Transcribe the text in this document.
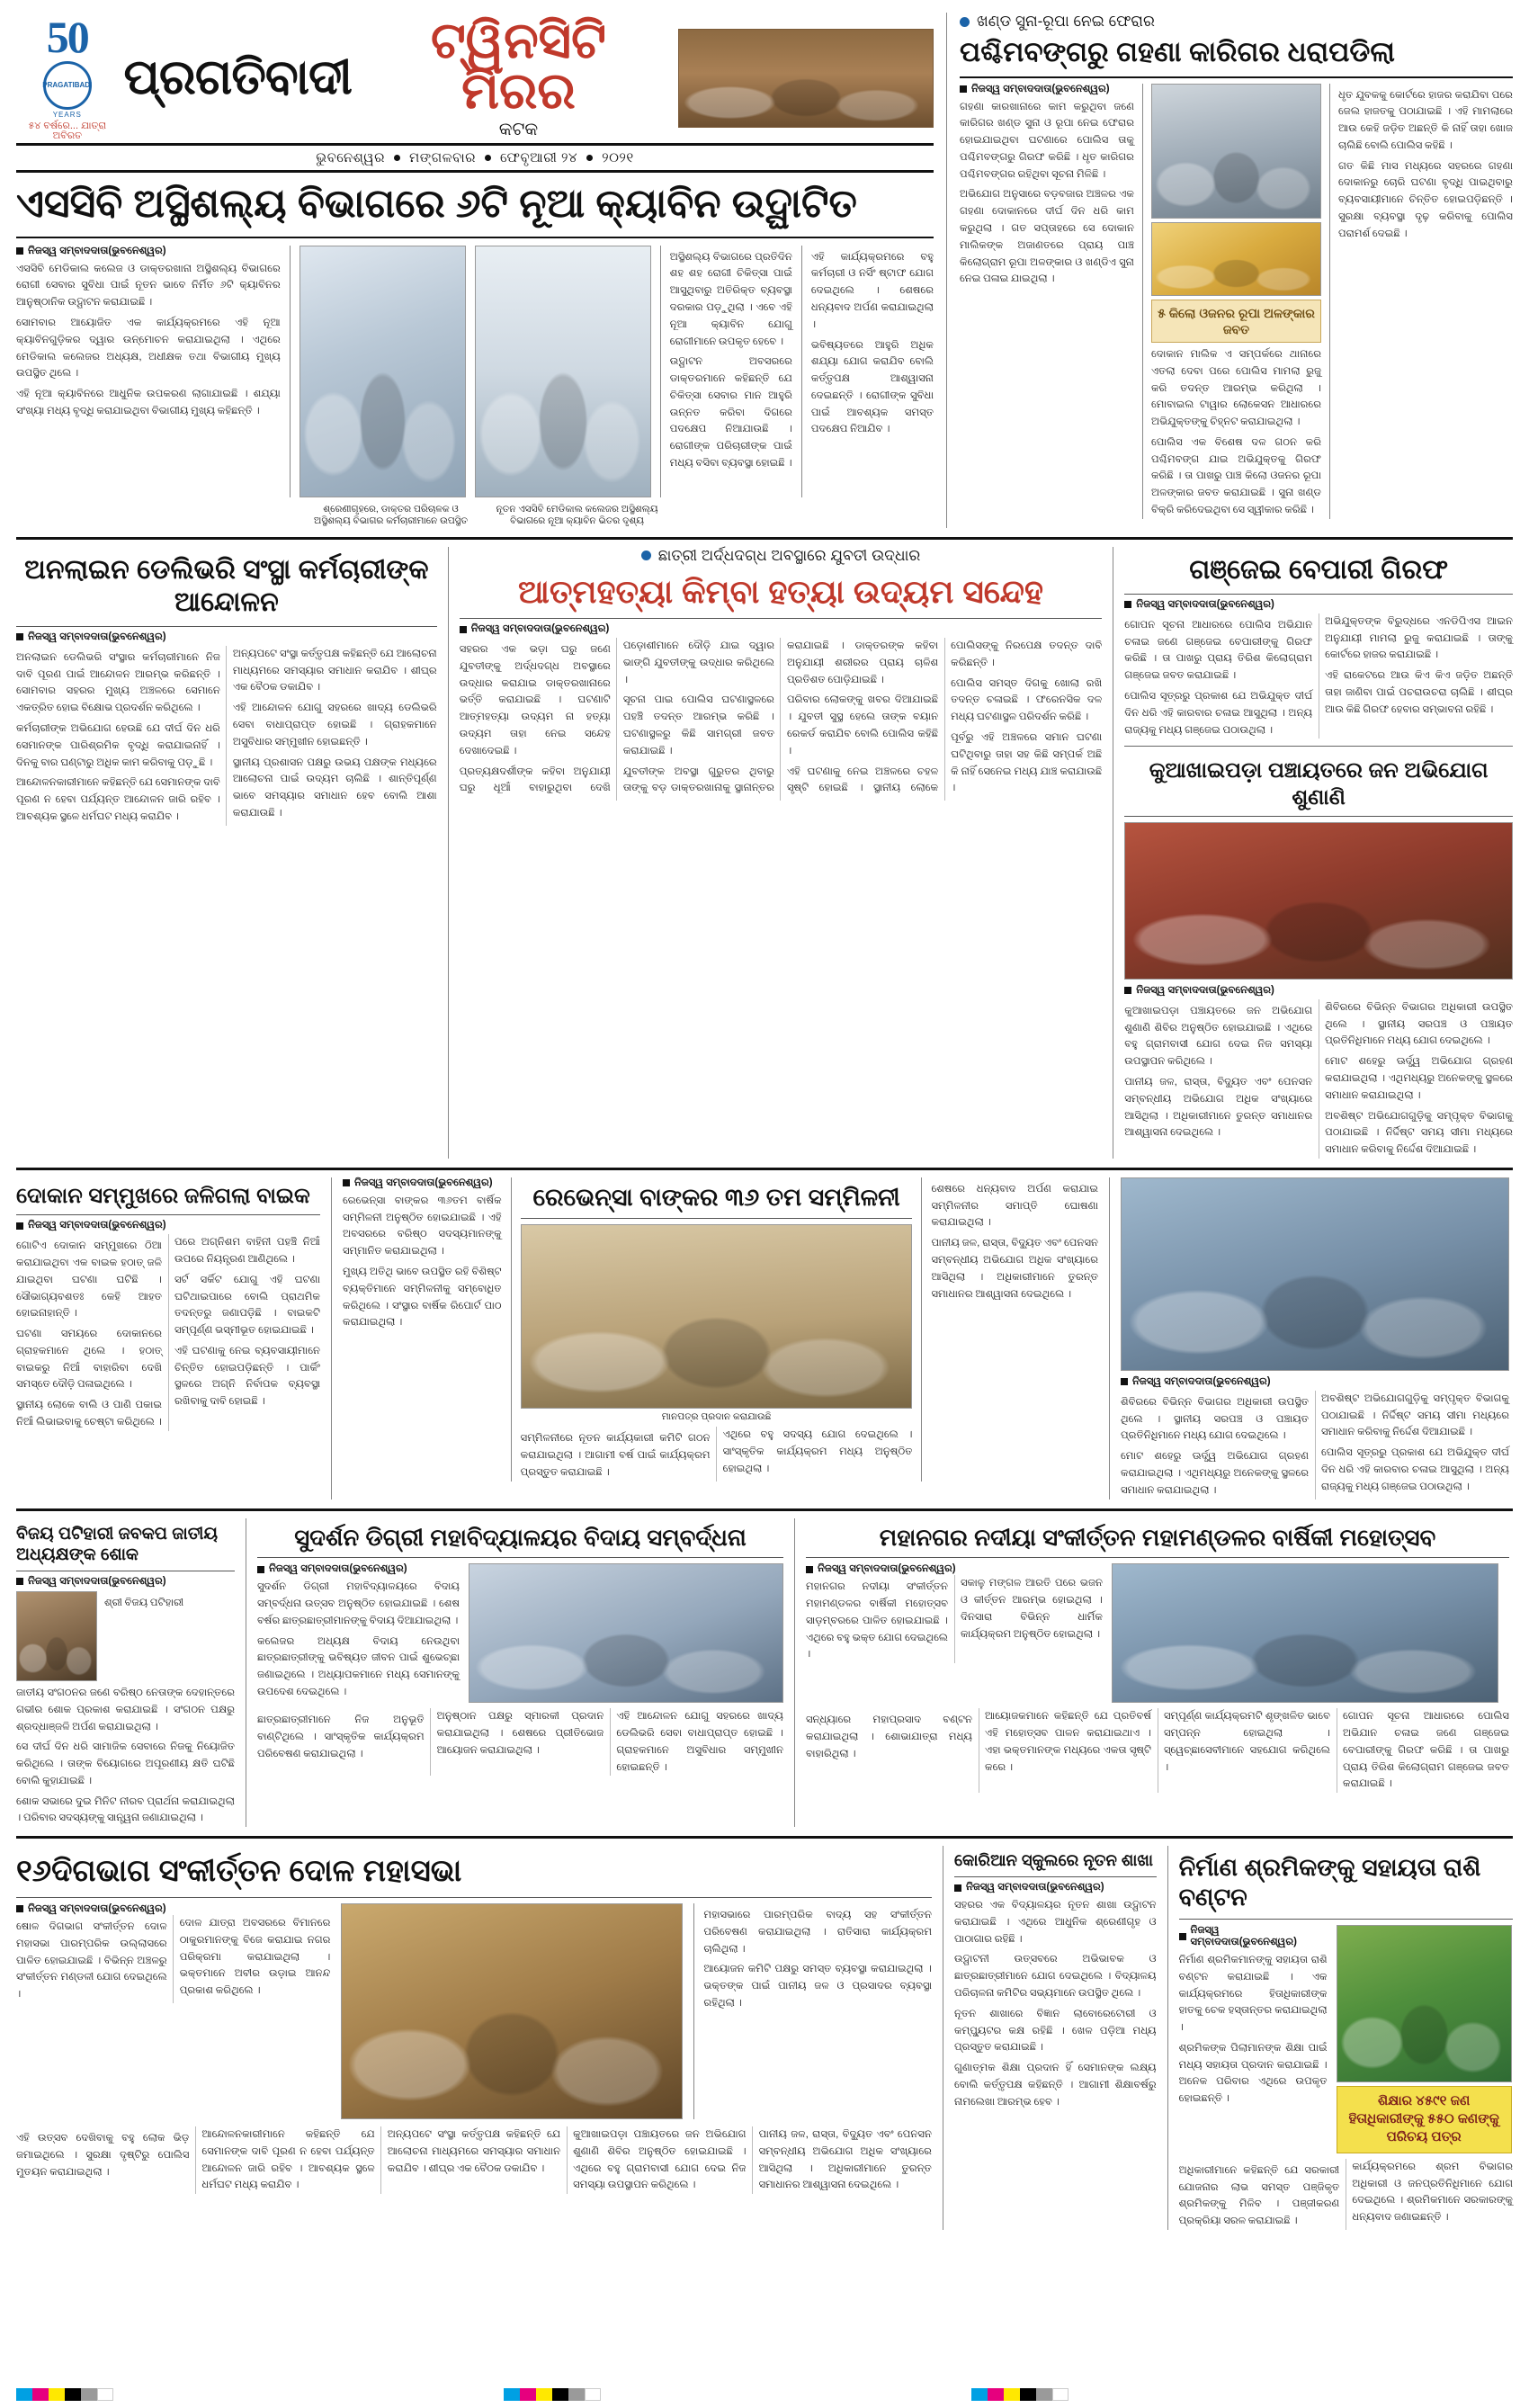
50
PRAGATIBADI
YEARS
୫୪ ବର୍ଷରେ... ଯାତ୍ରା ଅବିରତ
ପ୍ରଗତିବାଦୀ
ଟ୍ୱିନସିଟି ମିରର
କଟକ
ଭୁବନେଶ୍ୱର ମଙ୍ଗଳବାର ଫେବୃଆରୀ ୨୪ ୨୦୨୧
ଏସସିବି ଅସ୍ଥିଶଲ୍ୟ ବିଭାଗରେ ୬ଟି ନୂଆ କ୍ୟାବିନ ଉଦ୍ଘାଟିତ
ନିଜସ୍ୱ ସମ୍ବାଦଦାତା(ଭୁବନେଶ୍ୱର)

ଏସସିବି ମେଡିକାଲ କଲେଜ ଓ ଡାକ୍ତରଖାନା ଅସ୍ଥିଶଲ୍ୟ ବିଭାଗରେ ରୋଗୀ ସେବାର ସୁବିଧା ପାଇଁ ନୂତନ ଭାବେ ନିର୍ମିତ ୬ଟି କ୍ୟାବିନର ଆନୁଷ୍ଠାନିକ ଉଦ୍ଘାଟନ କରାଯାଇଛି ।

ସୋମବାର ଆୟୋଜିତ ଏକ କାର୍ଯ୍ୟକ୍ରମରେ ଏହି ନୂଆ କ୍ୟାବିନଗୁଡ଼ିକର ଦ୍ୱାର ଉନ୍ମୋଚନ କରାଯାଇଥିଲା । ଏଥିରେ ମେଡିକାଲ କଲେଜର ଅଧ୍ୟକ୍ଷ, ଅଧୀକ୍ଷକ ତଥା ବିଭାଗୀୟ ମୁଖ୍ୟ ଉପସ୍ଥିତ ଥିଲେ ।

ଏହି ନୂଆ କ୍ୟାବିନରେ ଆଧୁନିକ ଉପକରଣ ଲାଗାଯାଇଛି । ଶଯ୍ୟା ସଂଖ୍ୟା ମଧ୍ୟ ବୃଦ୍ଧି କରାଯାଇଥିବା ବିଭାଗୀୟ ମୁଖ୍ୟ କହିଛନ୍ତି ।

ଅସ୍ଥିଶଲ୍ୟ ବିଭାଗରେ ପ୍ରତିଦିନ ଶହ ଶହ ରୋଗୀ ଚିକିତ୍ସା ପାଇଁ ଆସୁଥିବାରୁ ଅତିରିକ୍ତ ବ୍ୟବସ୍ଥା ଦରକାର ପଡ଼ୁଥିଲା । ଏବେ ଏହି ନୂଆ କ୍ୟାବିନ ଯୋଗୁ ରୋଗୀମାନେ ଉପକୃତ ହେବେ ।

ଉଦ୍ଘାଟନ ଅବସରରେ ଡାକ୍ତରମାନେ କହିଛନ୍ତି ଯେ ଚିକିତ୍ସା ସେବାର ମାନ ଆହୁରି ଉନ୍ନତ କରିବା ଦିଗରେ ପଦକ୍ଷେପ ନିଆଯାଉଛି । ରୋଗୀଙ୍କ ପରିଚାରୀଙ୍କ ପାଇଁ ମଧ୍ୟ ବସିବା ବ୍ୟବସ୍ଥା ହୋଇଛି ।

ଏହି କାର୍ଯ୍ୟକ୍ରମରେ ବହୁ କର୍ମଚାରୀ ଓ ନର୍ସିଂ ଷ୍ଟାଫ ଯୋଗ ଦେଇଥିଲେ । ଶେଷରେ ଧନ୍ୟବାଦ ଅର୍ପଣ କରାଯାଇଥିଲା ।

ଭବିଷ୍ୟତରେ ଆହୁରି ଅଧିକ ଶଯ୍ୟା ଯୋଗ କରାଯିବ ବୋଲି କର୍ତ୍ତୃପକ୍ଷ ଆଶ୍ୱାସନା ଦେଇଛନ୍ତି । ରୋଗୀଙ୍କ ସୁବିଧା ପାଇଁ ଆବଶ୍ୟକ ସମସ୍ତ ପଦକ୍ଷେପ ନିଆଯିବ ।

ଶ୍ରେଣୀଗୃହରେ, ଡାକ୍ତର ପରିଚାଳକ ଓ ଅସ୍ଥିଶଲ୍ୟ ବିଭାଗର କର୍ମଚାରୀମାନେ ଉପସ୍ଥିତ
ନୂତନ ଏସସିବି ମେଡିକାଲ କଲେଜର ଅସ୍ଥିଶଲ୍ୟ ବିଭାଗରେ ନୂଆ କ୍ୟାବିନ ଭିତର ଦୃଶ୍ୟ
ଖଣ୍ଡ ସୁନା-ରୂପା ନେଇ ଫେରାର
ପଶ୍ଚିମବଙ୍ଗରୁ ଗହଣା କାରିଗର ଧରାପଡିଲା
ନିଜସ୍ୱ ସମ୍ବାଦଦାତା(ଭୁବନେଶ୍ୱର)

ଗହଣା କାରଖାନାରେ କାମ କରୁଥିବା ଜଣେ କାରିଗର ଖଣ୍ଡ ସୁନା ଓ ରୂପା ନେଇ ଫେରାର ହୋଇଯାଇଥିବା ଘଟଣାରେ ପୋଲିସ ତାକୁ ପଶ୍ଚିମବଙ୍ଗରୁ ଗିରଫ କରିଛି । ଧୃତ କାରିଗର ପଶ୍ଚିମବଙ୍ଗର ରହିଥିବା ସୂଚନା ମିଳିଛି ।

ଅଭିଯୋଗ ଅନୁସାରେ ବଡ଼ବଜାର ଅଞ୍ଚଳର ଏକ ଗହଣା ଦୋକାନରେ ଦୀର୍ଘ ଦିନ ଧରି କାମ କରୁଥିଲା । ଗତ ସପ୍ତାହରେ ସେ ଦୋକାନ ମାଲିକଙ୍କ ଅଜାଣତରେ ପ୍ରାୟ ପାଞ୍ଚ କିଲୋଗ୍ରାମ ରୂପା ଅଳଙ୍କାର ଓ ଖଣ୍ଡିଏ ସୁନା ନେଇ ପଳାଇ ଯାଇଥିଲା ।

୫ କିଲୋ ଓଜନର ରୂପା ଅଳଙ୍କାର ଜବତ

ଦୋକାନ ମାଲିକ ଏ ସମ୍ପର୍କରେ ଥାନାରେ ଏତଲା ଦେବା ପରେ ପୋଲିସ ମାମଲା ରୁଜୁ କରି ତଦନ୍ତ ଆରମ୍ଭ କରିଥିଲା । ମୋବାଇଲ ଟାୱାର ଲୋକେସନ ଆଧାରରେ ଅଭିଯୁକ୍ତଙ୍କୁ ଚିହ୍ନଟ କରାଯାଇଥିଲା ।

ପୋଲିସ ଏକ ବିଶେଷ ଦଳ ଗଠନ କରି ପଶ୍ଚିମବଙ୍ଗ ଯାଇ ଅଭିଯୁକ୍ତକୁ ଗିରଫ କରିଛି । ତା ପାଖରୁ ପାଞ୍ଚ କିଲୋ ଓଜନର ରୂପା ଅଳଙ୍କାର ଜବତ କରାଯାଇଛି । ସୁନା ଖଣ୍ଡ ବିକ୍ରି କରିଦେଇଥିବା ସେ ସ୍ୱୀକାର କରିଛି ।

ଧୃତ ଯୁବକକୁ କୋର୍ଟରେ ହାଜର କରାଯିବା ପରେ ଜେଲ ହାଜତକୁ ପଠାଯାଇଛି । ଏହି ମାମଲାରେ ଆଉ କେହି ଜଡ଼ିତ ଅଛନ୍ତି କି ନାହିଁ ତାହା ଖୋଜ ଚାଲିଛି ବୋଲି ପୋଲିସ କହିଛି ।

ଗତ କିଛି ମାସ ମଧ୍ୟରେ ସହରରେ ଗହଣା ଦୋକାନରୁ ଚୋରି ଘଟଣା ବୃଦ୍ଧି ପାଇଥିବାରୁ ବ୍ୟବସାୟୀମାନେ ଚିନ୍ତିତ ହୋଇପଡ଼ିଛନ୍ତି । ସୁରକ୍ଷା ବ୍ୟବସ୍ଥା ଦୃଢ଼ କରିବାକୁ ପୋଲିସ ପରାମର୍ଶ ଦେଇଛି ।

ଅନଲାଇନ ଡେଲିଭରି ସଂସ୍ଥା କର୍ମଚାରୀଙ୍କ ଆନ୍ଦୋଳନ
ନିଜସ୍ୱ ସମ୍ବାଦଦାତା(ଭୁବନେଶ୍ୱର)

ଅନଲାଇନ ଡେଲିଭରି ସଂସ୍ଥାର କର୍ମଚାରୀମାନେ ନିଜ ଦାବି ପୂରଣ ପାଇଁ ଆନ୍ଦୋଳନ ଆରମ୍ଭ କରିଛନ୍ତି । ସୋମବାର ସହରର ମୁଖ୍ୟ ଅଞ୍ଚଳରେ ସେମାନେ ଏକତ୍ରିତ ହୋଇ ବିକ୍ଷୋଭ ପ୍ରଦର୍ଶନ କରିଥିଲେ ।

କର୍ମଚାରୀଙ୍କ ଅଭିଯୋଗ ହେଉଛି ଯେ ଦୀର୍ଘ ଦିନ ଧରି ସେମାନଙ୍କ ପାରିଶ୍ରମିକ ବୃଦ୍ଧି କରାଯାଇନାହିଁ । ଦିନକୁ ବାର ଘଣ୍ଟାରୁ ଅଧିକ କାମ କରିବାକୁ ପଡ଼ୁଛି ।

ଆନ୍ଦୋଳନକାରୀମାନେ କହିଛନ୍ତି ଯେ ସେମାନଙ୍କ ଦାବି ପୂରଣ ନ ହେବା ପର୍ଯ୍ୟନ୍ତ ଆନ୍ଦୋଳନ ଜାରି ରହିବ । ଆବଶ୍ୟକ ସ୍ଥଳେ ଧର୍ମଘଟ ମଧ୍ୟ କରାଯିବ ।

ଅନ୍ୟପଟେ ସଂସ୍ଥା କର୍ତ୍ତୃପକ୍ଷ କହିଛନ୍ତି ଯେ ଆଲୋଚନା ମାଧ୍ୟମରେ ସମସ୍ୟାର ସମାଧାନ କରାଯିବ । ଶୀଘ୍ର ଏକ ବୈଠକ ଡକାଯିବ ।

ଏହି ଆନ୍ଦୋଳନ ଯୋଗୁ ସହରରେ ଖାଦ୍ୟ ଡେଲିଭରି ସେବା ବାଧାପ୍ରାପ୍ତ ହୋଇଛି । ଗ୍ରାହକମାନେ ଅସୁବିଧାର ସମ୍ମୁଖୀନ ହୋଇଛନ୍ତି ।

ସ୍ଥାନୀୟ ପ୍ରଶାସନ ପକ୍ଷରୁ ଉଭୟ ପକ୍ଷଙ୍କ ମଧ୍ୟରେ ଆଲୋଚନା ପାଇଁ ଉଦ୍ୟମ ଚାଲିଛି । ଶାନ୍ତିପୂର୍ଣ୍ଣ ଭାବେ ସମସ୍ୟାର ସମାଧାନ ହେବ ବୋଲି ଆଶା କରାଯାଉଛି ।

ଛାତ୍ରୀ ଅର୍ଦ୍ଧଦଗ୍ଧ ଅବସ୍ଥାରେ ଯୁବତୀ ଉଦ୍ଧାର
ଆତ୍ମହତ୍ୟା କିମ୍ବା ହତ୍ୟା ଉଦ୍ୟମ ସନ୍ଦେହ
ନିଜସ୍ୱ ସମ୍ବାଦଦାତା(ଭୁବନେଶ୍ୱର)

ସହରର ଏକ ଭଡ଼ା ଘରୁ ଜଣେ ଯୁବତୀଙ୍କୁ ଅର୍ଦ୍ଧଦଗ୍ଧ ଅବସ୍ଥାରେ ଉଦ୍ଧାର କରାଯାଇ ଡାକ୍ତରଖାନାରେ ଭର୍ତ୍ତି କରାଯାଇଛି । ଘଟଣାଟି ଆତ୍ମହତ୍ୟା ଉଦ୍ୟମ ନା ହତ୍ୟା ଉଦ୍ୟମ ତାହା ନେଇ ସନ୍ଦେହ ଦେଖାଦେଇଛି ।

ପ୍ରତ୍ୟକ୍ଷଦର୍ଶୀଙ୍କ କହିବା ଅନୁଯାୟୀ ଘରୁ ଧୂଆଁ ବାହାରୁଥିବା ଦେଖି ପଡ଼ୋଶୀମାନେ ଦୌଡ଼ି ଯାଇ ଦ୍ୱାର ଭାଙ୍ଗି ଯୁବତୀଙ୍କୁ ଉଦ୍ଧାର କରିଥିଲେ ।

ସୂଚନା ପାଇ ପୋଲିସ ଘଟଣାସ୍ଥଳରେ ପହଞ୍ଚି ତଦନ୍ତ ଆରମ୍ଭ କରିଛି । ଘଟଣାସ୍ଥଳରୁ କିଛି ସାମଗ୍ରୀ ଜବତ କରାଯାଇଛି ।

ଯୁବତୀଙ୍କ ଅବସ୍ଥା ଗୁରୁତର ଥିବାରୁ ତାଙ୍କୁ ବଡ଼ ଡାକ୍ତରଖାନାକୁ ସ୍ଥାନାନ୍ତର କରାଯାଇଛି । ଡାକ୍ତରଙ୍କ କହିବା ଅନୁଯାୟୀ ଶରୀରର ପ୍ରାୟ ଚାଳିଶ ପ୍ରତିଶତ ପୋଡ଼ିଯାଇଛି ।

ପରିବାର ଲୋକଙ୍କୁ ଖବର ଦିଆଯାଇଛି । ଯୁବତୀ ସୁସ୍ଥ ହେଲେ ତାଙ୍କ ବୟାନ ରେକର୍ଡ କରାଯିବ ବୋଲି ପୋଲିସ କହିଛି ।

ଏହି ଘଟଣାକୁ ନେଇ ଅଞ୍ଚଳରେ ଚହଳ ସୃଷ୍ଟି ହୋଇଛି । ସ୍ଥାନୀୟ ଲୋକେ ପୋଲିସଙ୍କୁ ନିରପେକ୍ଷ ତଦନ୍ତ ଦାବି କରିଛନ୍ତି ।

ପୋଲିସ ସମସ୍ତ ଦିଗକୁ ଖୋଲା ରଖି ତଦନ୍ତ ଚଳାଇଛି । ଫରେନସିକ ଦଳ ମଧ୍ୟ ଘଟଣାସ୍ଥଳ ପରିଦର୍ଶନ କରିଛି ।

ପୂର୍ବରୁ ଏହି ଅଞ୍ଚଳରେ ସମାନ ଘଟଣା ଘଟିଥିବାରୁ ତାହା ସହ କିଛି ସମ୍ପର୍କ ଅଛି କି ନାହିଁ ସେନେଇ ମଧ୍ୟ ଯାଞ୍ଚ କରାଯାଉଛି ।

ଗଞ୍ଜେଇ ବେପାରୀ ଗିରଫ
ନିଜସ୍ୱ ସମ୍ବାଦଦାତା(ଭୁବନେଶ୍ୱର)

ଗୋପନ ସୂଚନା ଆଧାରରେ ପୋଲିସ ଅଭିଯାନ ଚଳାଇ ଜଣେ ଗଞ୍ଜେଇ ବେପାରୀଙ୍କୁ ଗିରଫ କରିଛି । ତା ପାଖରୁ ପ୍ରାୟ ତିରିଶ କିଲୋଗ୍ରାମ ଗଞ୍ଜେଇ ଜବତ କରାଯାଇଛି ।

ପୋଲିସ ସୂତ୍ରରୁ ପ୍ରକାଶ ଯେ ଅଭିଯୁକ୍ତ ଦୀର୍ଘ ଦିନ ଧରି ଏହି କାରବାର ଚଳାଇ ଆସୁଥିଲା । ଅନ୍ୟ ରାଜ୍ୟକୁ ମଧ୍ୟ ଗଞ୍ଜେଇ ପଠାଉଥିଲା ।

ଅଭିଯୁକ୍ତଙ୍କ ବିରୁଦ୍ଧରେ ଏନଡିପିଏସ ଆଇନ ଅନୁଯାୟୀ ମାମଲା ରୁଜୁ କରାଯାଇଛି । ତାଙ୍କୁ କୋର୍ଟରେ ହାଜର କରାଯାଇଛି ।

ଏହି ରାକେଟରେ ଆଉ କିଏ କିଏ ଜଡ଼ିତ ଅଛନ୍ତି ତାହା ଜାଣିବା ପାଇଁ ପଚରାଉଚରା ଚାଲିଛି । ଶୀଘ୍ର ଆଉ କିଛି ଗିରଫ ହେବାର ସମ୍ଭାବନା ରହିଛି ।

କୁଆଖାଇପଡ଼ା ପଞ୍ଚାୟତରେ ଜନ ଅଭିଯୋଗ ଶୁଣାଣି
ନିଜସ୍ୱ ସମ୍ବାଦଦାତା(ଭୁବନେଶ୍ୱର)

କୁଆଖାଇପଡ଼ା ପଞ୍ଚାୟତରେ ଜନ ଅଭିଯୋଗ ଶୁଣାଣି ଶିବିର ଅନୁଷ୍ଠିତ ହୋଇଯାଇଛି । ଏଥିରେ ବହୁ ଗ୍ରାମବାସୀ ଯୋଗ ଦେଇ ନିଜ ସମସ୍ୟା ଉପସ୍ଥାପନ କରିଥିଲେ ।

ପାନୀୟ ଜଳ, ରାସ୍ତା, ବିଦ୍ୟୁତ ଏବଂ ପେନସନ ସମ୍ବନ୍ଧୀୟ ଅଭିଯୋଗ ଅଧିକ ସଂଖ୍ୟାରେ ଆସିଥିଲା । ଅଧିକାରୀମାନେ ତୁରନ୍ତ ସମାଧାନର ଆଶ୍ୱାସନା ଦେଇଥିଲେ ।

ଶିବିରରେ ବିଭିନ୍ନ ବିଭାଗର ଅଧିକାରୀ ଉପସ୍ଥିତ ଥିଲେ । ସ୍ଥାନୀୟ ସରପଞ୍ଚ ଓ ପଞ୍ଚାୟତ ପ୍ରତିନିଧିମାନେ ମଧ୍ୟ ଯୋଗ ଦେଇଥିଲେ ।

ମୋଟ ଶହେରୁ ଊର୍ଦ୍ଧ୍ୱ ଅଭିଯୋଗ ଗ୍ରହଣ କରାଯାଇଥିଲା । ଏଥିମଧ୍ୟରୁ ଅନେକଙ୍କୁ ସ୍ଥଳରେ ସମାଧାନ କରାଯାଇଥିଲା ।

ଅବଶିଷ୍ଟ ଅଭିଯୋଗଗୁଡ଼ିକୁ ସମ୍ପୃକ୍ତ ବିଭାଗକୁ ପଠାଯାଇଛି । ନିର୍ଦ୍ଦିଷ୍ଟ ସମୟ ସୀମା ମଧ୍ୟରେ ସମାଧାନ କରିବାକୁ ନିର୍ଦ୍ଦେଶ ଦିଆଯାଇଛି ।

ଦୋକାନ ସମ୍ମୁଖରେ ଜଳିଗଲା ବାଇକ
ନିଜସ୍ୱ ସମ୍ବାଦଦାତା(ଭୁବନେଶ୍ୱର)

ଗୋଟିଏ ଦୋକାନ ସମ୍ମୁଖରେ ଠିଆ କରାଯାଇଥିବା ଏକ ବାଇକ ହଠାତ୍ ଜଳି ଯାଇଥିବା ଘଟଣା ଘଟିଛି । ସୌଭାଗ୍ୟବଶତଃ କେହି ଆହତ ହୋଇନାହାନ୍ତି ।

ଘଟଣା ସମୟରେ ଦୋକାନରେ ଗ୍ରାହକମାନେ ଥିଲେ । ହଠାତ୍ ବାଇକରୁ ନିଆଁ ବାହାରିବା ଦେଖି ସମସ୍ତେ ଦୌଡ଼ି ପଳାଇଥିଲେ ।

ସ୍ଥାନୀୟ ଲୋକେ ବାଲି ଓ ପାଣି ପକାଇ ନିଆଁ ଲିଭାଇବାକୁ ଚେଷ୍ଟା କରିଥିଲେ । ପରେ ଅଗ୍ନିଶମ ବାହିନୀ ପହଞ୍ଚି ନିଆଁ ଉପରେ ନିୟନ୍ତ୍ରଣ ଆଣିଥିଲେ ।

ସର୍ଟ ସର୍କିଟ ଯୋଗୁ ଏହି ଘଟଣା ଘଟିଥାଇପାରେ ବୋଲି ପ୍ରାଥମିକ ତଦନ୍ତରୁ ଜଣାପଡ଼ିଛି । ବାଇକଟି ସମ୍ପୂର୍ଣ୍ଣ ଭସ୍ମୀଭୂତ ହୋଇଯାଇଛି ।

ଏହି ଘଟଣାକୁ ନେଇ ବ୍ୟବସାୟୀମାନେ ଚିନ୍ତିତ ହୋଇପଡ଼ିଛନ୍ତି । ପାର୍କିଂ ସ୍ଥଳରେ ଅଗ୍ନି ନିର୍ବାପକ ବ୍ୟବସ୍ଥା ରଖିବାକୁ ଦାବି ହୋଇଛି ।

ନିଜସ୍ୱ ସମ୍ବାଦଦାତା(ଭୁବନେଶ୍ୱର)

ରେଭେନ୍ସା ବାଙ୍କର ୩୬ତମ ବାର୍ଷିକ ସମ୍ମିଳନୀ ଅନୁଷ୍ଠିତ ହୋଇଯାଇଛି । ଏହି ଅବସରରେ ବରିଷ୍ଠ ସଦସ୍ୟମାନଙ୍କୁ ସମ୍ମାନିତ କରାଯାଇଥିଲା ।

ମୁଖ୍ୟ ଅତିଥି ଭାବେ ଉପସ୍ଥିତ ରହି ବିଶିଷ୍ଟ ବ୍ୟକ୍ତିମାନେ ସମ୍ମିଳନୀକୁ ସମ୍ବୋଧିତ କରିଥିଲେ । ସଂସ୍ଥାର ବାର୍ଷିକ ରିପୋର୍ଟ ପାଠ କରାଯାଇଥିଲା ।

ରେଭେନ୍ସା ବାଙ୍କର ୩୬ ତମ ସମ୍ମିଳନୀ
ମାନପତ୍ର ପ୍ରଦାନ କରାଯାଉଛି

ସମ୍ମିଳନୀରେ ନୂତନ କାର୍ଯ୍ୟକାରୀ କମିଟି ଗଠନ କରାଯାଇଥିଲା । ଆଗାମୀ ବର୍ଷ ପାଇଁ କାର୍ଯ୍ୟକ୍ରମ ପ୍ରସ୍ତୁତ କରାଯାଇଛି ।

ଏଥିରେ ବହୁ ସଦସ୍ୟ ଯୋଗ ଦେଇଥିଲେ । ସାଂସ୍କୃତିକ କାର୍ଯ୍ୟକ୍ରମ ମଧ୍ୟ ଅନୁଷ୍ଠିତ ହୋଇଥିଲା ।

ଶେଷରେ ଧନ୍ୟବାଦ ଅର୍ପଣ କରାଯାଇ ସମ୍ମିଳନୀର ସମାପ୍ତି ଘୋଷଣା କରାଯାଇଥିଲା ।

ପାନୀୟ ଜଳ, ରାସ୍ତା, ବିଦ୍ୟୁତ ଏବଂ ପେନସନ ସମ୍ବନ୍ଧୀୟ ଅଭିଯୋଗ ଅଧିକ ସଂଖ୍ୟାରେ ଆସିଥିଲା । ଅଧିକାରୀମାନେ ତୁରନ୍ତ ସମାଧାନର ଆଶ୍ୱାସନା ଦେଇଥିଲେ ।

ନିଜସ୍ୱ ସମ୍ବାଦଦାତା(ଭୁବନେଶ୍ୱର)

ଶିବିରରେ ବିଭିନ୍ନ ବିଭାଗର ଅଧିକାରୀ ଉପସ୍ଥିତ ଥିଲେ । ସ୍ଥାନୀୟ ସରପଞ୍ଚ ଓ ପଞ୍ଚାୟତ ପ୍ରତିନିଧିମାନେ ମଧ୍ୟ ଯୋଗ ଦେଇଥିଲେ ।

ମୋଟ ଶହେରୁ ଊର୍ଦ୍ଧ୍ୱ ଅଭିଯୋଗ ଗ୍ରହଣ କରାଯାଇଥିଲା । ଏଥିମଧ୍ୟରୁ ଅନେକଙ୍କୁ ସ୍ଥଳରେ ସମାଧାନ କରାଯାଇଥିଲା ।

ଅବଶିଷ୍ଟ ଅଭିଯୋଗଗୁଡ଼ିକୁ ସମ୍ପୃକ୍ତ ବିଭାଗକୁ ପଠାଯାଇଛି । ନିର୍ଦ୍ଦିଷ୍ଟ ସମୟ ସୀମା ମଧ୍ୟରେ ସମାଧାନ କରିବାକୁ ନିର୍ଦ୍ଦେଶ ଦିଆଯାଇଛି ।

ପୋଲିସ ସୂତ୍ରରୁ ପ୍ରକାଶ ଯେ ଅଭିଯୁକ୍ତ ଦୀର୍ଘ ଦିନ ଧରି ଏହି କାରବାର ଚଳାଇ ଆସୁଥିଲା । ଅନ୍ୟ ରାଜ୍ୟକୁ ମଧ୍ୟ ଗଞ୍ଜେଇ ପଠାଉଥିଲା ।

ବିଜୟ ପଟିହାରୀ ଜବକପ ଜାତୀୟ ଅଧ୍ୟକ୍ଷଙ୍କ ଶୋକ
ନିଜସ୍ୱ ସମ୍ବାଦଦାତା(ଭୁବନେଶ୍ୱର)

ଶ୍ରୀ ବିଜୟ ପଟିହାରୀ

ଜାତୀୟ ସଂଗଠନର ଜଣେ ବରିଷ୍ଠ ନେତାଙ୍କ ଦେହାନ୍ତରେ ଗଭୀର ଶୋକ ପ୍ରକାଶ କରାଯାଇଛି । ସଂଗଠନ ପକ୍ଷରୁ ଶ୍ରଦ୍ଧାଞ୍ଜଳି ଅର୍ପଣ କରାଯାଇଥିଲା ।

ସେ ଦୀର୍ଘ ଦିନ ଧରି ସାମାଜିକ ସେବାରେ ନିଜକୁ ନିୟୋଜିତ କରିଥିଲେ । ତାଙ୍କ ବିୟୋଗରେ ଅପୂରଣୀୟ କ୍ଷତି ଘଟିଛି ବୋଲି କୁହାଯାଇଛି ।

ଶୋକ ସଭାରେ ଦୁଇ ମିନିଟ ନୀରବ ପ୍ରାର୍ଥନା କରାଯାଇଥିଲା । ପରିବାର ସଦସ୍ୟଙ୍କୁ ସାନ୍ତ୍ୱନା ଜଣାଯାଇଥିଲା ।

ସୁଦର୍ଶନ ଡିଗ୍ରୀ ମହାବିଦ୍ୟାଳୟର ବିଦାୟ ସମ୍ବର୍ଦ୍ଧନା
ନିଜସ୍ୱ ସମ୍ବାଦଦାତା(ଭୁବନେଶ୍ୱର)

ସୁଦର୍ଶନ ଡିଗ୍ରୀ ମହାବିଦ୍ୟାଳୟରେ ବିଦାୟ ସମ୍ବର୍ଦ୍ଧନା ଉତ୍ସବ ଅନୁଷ୍ଠିତ ହୋଇଯାଇଛି । ଶେଷ ବର୍ଷର ଛାତ୍ରଛାତ୍ରୀମାନଙ୍କୁ ବିଦାୟ ଦିଆଯାଇଥିଲା ।

କଲେଜର ଅଧ୍ୟକ୍ଷ ବିଦାୟ ନେଉଥିବା ଛାତ୍ରଛାତ୍ରୀଙ୍କୁ ଭବିଷ୍ୟତ ଜୀବନ ପାଇଁ ଶୁଭେଚ୍ଛା ଜଣାଇଥିଲେ । ଅଧ୍ୟାପକମାନେ ମଧ୍ୟ ସେମାନଙ୍କୁ ଉପଦେଶ ଦେଇଥିଲେ ।

ଛାତ୍ରଛାତ୍ରୀମାନେ ନିଜ ଅନୁଭୂତି ବାଣ୍ଟିଥିଲେ । ସାଂସ୍କୃତିକ କାର୍ଯ୍ୟକ୍ରମ ପରିବେଷଣ କରାଯାଇଥିଲା ।

ଅନୁଷ୍ଠାନ ପକ୍ଷରୁ ସ୍ମାରକୀ ପ୍ରଦାନ କରାଯାଇଥିଲା । ଶେଷରେ ପ୍ରୀତିଭୋଜ ଆୟୋଜନ କରାଯାଇଥିଲା ।

ଏହି ଆନ୍ଦୋଳନ ଯୋଗୁ ସହରରେ ଖାଦ୍ୟ ଡେଲିଭରି ସେବା ବାଧାପ୍ରାପ୍ତ ହୋଇଛି । ଗ୍ରାହକମାନେ ଅସୁବିଧାର ସମ୍ମୁଖୀନ ହୋଇଛନ୍ତି ।

ମହାନଗର ନଦୀୟା ସଂକୀର୍ତ୍ତନ ମହାମଣ୍ଡଳର ବାର୍ଷିକୀ ମହୋତ୍ସବ
ନିଜସ୍ୱ ସମ୍ବାଦଦାତା(ଭୁବନେଶ୍ୱର)

ମହାନଗର ନଦୀୟା ସଂକୀର୍ତ୍ତନ ମହାମଣ୍ଡଳର ବାର୍ଷିକୀ ମହୋତ୍ସବ ସାଡ଼ମ୍ବରରେ ପାଳିତ ହୋଇଯାଇଛି । ଏଥିରେ ବହୁ ଭକ୍ତ ଯୋଗ ଦେଇଥିଲେ ।

ସକାଳୁ ମଙ୍ଗଳ ଆରତି ପରେ ଭଜନ ଓ କୀର୍ତ୍ତନ ଆରମ୍ଭ ହୋଇଥିଲା । ଦିନସାରା ବିଭିନ୍ନ ଧାର୍ମିକ କାର୍ଯ୍ୟକ୍ରମ ଅନୁଷ୍ଠିତ ହୋଇଥିଲା ।

ସନ୍ଧ୍ୟାରେ ମହାପ୍ରସାଦ ବଣ୍ଟନ କରାଯାଇଥିଲା । ଶୋଭାଯାତ୍ରା ମଧ୍ୟ ବାହାରିଥିଲା ।

ଆୟୋଜକମାନେ କହିଛନ୍ତି ଯେ ପ୍ରତିବର୍ଷ ଏହି ମହୋତ୍ସବ ପାଳନ କରାଯାଇଥାଏ । ଏହା ଭକ୍ତମାନଙ୍କ ମଧ୍ୟରେ ଏକତା ସୃଷ୍ଟି କରେ ।

ସମ୍ପୂର୍ଣ୍ଣ କାର୍ଯ୍ୟକ୍ରମଟି ଶୃଙ୍ଖଳିତ ଭାବେ ସମ୍ପନ୍ନ ହୋଇଥିଲା । ସ୍ୱେଚ୍ଛାସେବୀମାନେ ସହଯୋଗ କରିଥିଲେ ।

ଗୋପନ ସୂଚନା ଆଧାରରେ ପୋଲିସ ଅଭିଯାନ ଚଳାଇ ଜଣେ ଗଞ୍ଜେଇ ବେପାରୀଙ୍କୁ ଗିରଫ କରିଛି । ତା ପାଖରୁ ପ୍ରାୟ ତିରିଶ କିଲୋଗ୍ରାମ ଗଞ୍ଜେଇ ଜବତ କରାଯାଇଛି ।

୧୬ଦିଗଭାଗ ସଂକୀର୍ତ୍ତନ ଦୋଳ ମହାସଭା
ନିଜସ୍ୱ ସମ୍ବାଦଦାତା(ଭୁବନେଶ୍ୱର)

ଷୋଳ ଦିଗଭାଗ ସଂକୀର୍ତ୍ତନ ଦୋଳ ମହାସଭା ପାରମ୍ପରିକ ଉଲ୍ଲାସରେ ପାଳିତ ହୋଇଯାଇଛି । ବିଭିନ୍ନ ଅଞ୍ଚଳରୁ ସଂକୀର୍ତ୍ତନ ମଣ୍ଡଳୀ ଯୋଗ ଦେଇଥିଲେ ।

ଦୋଳ ଯାତ୍ରା ଅବସରରେ ବିମାନରେ ଠାକୁରମାନଙ୍କୁ ବିଜେ କରାଯାଇ ନଗର ପରିକ୍ରମା କରାଯାଇଥିଲା । ଭକ୍ତମାନେ ଅବୀର ଉଡ଼ାଇ ଆନନ୍ଦ ପ୍ରକାଶ କରିଥିଲେ ।

ମହାସଭାରେ ପାରମ୍ପରିକ ବାଦ୍ୟ ସହ ସଂକୀର୍ତ୍ତନ ପରିବେଷଣ କରାଯାଇଥିଲା । ରାତିସାରା କାର୍ଯ୍ୟକ୍ରମ ଚାଲିଥିଲା ।

ଆୟୋଜନ କମିଟି ପକ୍ଷରୁ ସମସ୍ତ ବ୍ୟବସ୍ଥା କରାଯାଇଥିଲା । ଭକ୍ତଙ୍କ ପାଇଁ ପାନୀୟ ଜଳ ଓ ପ୍ରସାଦର ବ୍ୟବସ୍ଥା ରହିଥିଲା ।

ଏହି ଉତ୍ସବ ଦେଖିବାକୁ ବହୁ ଲୋକ ଭିଡ଼ ଜମାଇଥିଲେ । ସୁରକ୍ଷା ଦୃଷ୍ଟିରୁ ପୋଲିସ ମୁତୟନ କରାଯାଇଥିଲା ।

ଆନ୍ଦୋଳନକାରୀମାନେ କହିଛନ୍ତି ଯେ ସେମାନଙ୍କ ଦାବି ପୂରଣ ନ ହେବା ପର୍ଯ୍ୟନ୍ତ ଆନ୍ଦୋଳନ ଜାରି ରହିବ । ଆବଶ୍ୟକ ସ୍ଥଳେ ଧର୍ମଘଟ ମଧ୍ୟ କରାଯିବ ।

ଅନ୍ୟପଟେ ସଂସ୍ଥା କର୍ତ୍ତୃପକ୍ଷ କହିଛନ୍ତି ଯେ ଆଲୋଚନା ମାଧ୍ୟମରେ ସମସ୍ୟାର ସମାଧାନ କରାଯିବ । ଶୀଘ୍ର ଏକ ବୈଠକ ଡକାଯିବ ।

କୁଆଖାଇପଡ଼ା ପଞ୍ଚାୟତରେ ଜନ ଅଭିଯୋଗ ଶୁଣାଣି ଶିବିର ଅନୁଷ୍ଠିତ ହୋଇଯାଇଛି । ଏଥିରେ ବହୁ ଗ୍ରାମବାସୀ ଯୋଗ ଦେଇ ନିଜ ସମସ୍ୟା ଉପସ୍ଥାପନ କରିଥିଲେ ।

ପାନୀୟ ଜଳ, ରାସ୍ତା, ବିଦ୍ୟୁତ ଏବଂ ପେନସନ ସମ୍ବନ୍ଧୀୟ ଅଭିଯୋଗ ଅଧିକ ସଂଖ୍ୟାରେ ଆସିଥିଲା । ଅଧିକାରୀମାନେ ତୁରନ୍ତ ସମାଧାନର ଆଶ୍ୱାସନା ଦେଇଥିଲେ ।

କୋରିଆନ ସ୍କୁଲରେ ନୂତନ ଶାଖା
ନିଜସ୍ୱ ସମ୍ବାଦଦାତା(ଭୁବନେଶ୍ୱର)

ସହରର ଏକ ବିଦ୍ୟାଳୟର ନୂତନ ଶାଖା ଉଦ୍ଘାଟନ କରାଯାଇଛି । ଏଥିରେ ଆଧୁନିକ ଶ୍ରେଣୀଗୃହ ଓ ପାଠାଗାର ରହିଛି ।

ଉଦ୍ଘାଟନୀ ଉତ୍ସବରେ ଅଭିଭାବକ ଓ ଛାତ୍ରଛାତ୍ରୀମାନେ ଯୋଗ ଦେଇଥିଲେ । ବିଦ୍ୟାଳୟ ପରିଚାଳନା କମିଟିର ସଭ୍ୟମାନେ ଉପସ୍ଥିତ ଥିଲେ ।

ନୂତନ ଶାଖାରେ ବିଜ୍ଞାନ ଲାବୋରେଟୋରୀ ଓ କମ୍ପ୍ୟୁଟର କକ୍ଷ ରହିଛି । ଖେଳ ପଡ଼ିଆ ମଧ୍ୟ ପ୍ରସ୍ତୁତ କରାଯାଇଛି ।

ଗୁଣାତ୍ମକ ଶିକ୍ଷା ପ୍ରଦାନ ହିଁ ସେମାନଙ୍କ ଲକ୍ଷ୍ୟ ବୋଲି କର୍ତ୍ତୃପକ୍ଷ କହିଛନ୍ତି । ଆଗାମୀ ଶିକ୍ଷାବର୍ଷରୁ ନାମଲେଖା ଆରମ୍ଭ ହେବ ।

ନିର୍ମାଣ ଶ୍ରମିକଙ୍କୁ ସହାୟତା ରାଶି ବଣ୍ଟନ
ନିଜସ୍ୱ ସମ୍ବାଦଦାତା(ଭୁବନେଶ୍ୱର)

ନିର୍ମାଣ ଶ୍ରମିକମାନଙ୍କୁ ସହାୟତା ରାଶି ବଣ୍ଟନ କରାଯାଇଛି । ଏକ କାର୍ଯ୍ୟକ୍ରମରେ ହିତାଧିକାରୀଙ୍କ ହାତକୁ ଚେକ ହସ୍ତାନ୍ତର କରାଯାଇଥିଲା ।

ଶ୍ରମିକଙ୍କ ପିଲାମାନଙ୍କ ଶିକ୍ଷା ପାଇଁ ମଧ୍ୟ ସହାୟତା ପ୍ରଦାନ କରାଯାଇଛି । ଅନେକ ପରିବାର ଏଥିରେ ଉପକୃତ ହୋଇଛନ୍ତି ।	ଶିକ୍ଷାର ୪୫୯୧ ଜଣ ହିତାଧିକାରୀଙ୍କୁ ୫୫୦ କଣଙ୍କୁ ପରିଚୟ ପତ୍ର

ଅଧିକାରୀମାନେ କହିଛନ୍ତି ଯେ ସରକାରୀ ଯୋଜନାର ଲାଭ ସମସ୍ତ ପଞ୍ଜିକୃତ ଶ୍ରମିକଙ୍କୁ ମିଳିବ । ପଞ୍ଜୀକରଣ ପ୍ରକ୍ରିୟା ସରଳ କରାଯାଇଛି ।

କାର୍ଯ୍ୟକ୍ରମରେ ଶ୍ରମ ବିଭାଗର ଅଧିକାରୀ ଓ ଜନପ୍ରତିନିଧିମାନେ ଯୋଗ ଦେଇଥିଲେ । ଶ୍ରମିକମାନେ ସରକାରଙ୍କୁ ଧନ୍ୟବାଦ ଜଣାଇଛନ୍ତି ।
